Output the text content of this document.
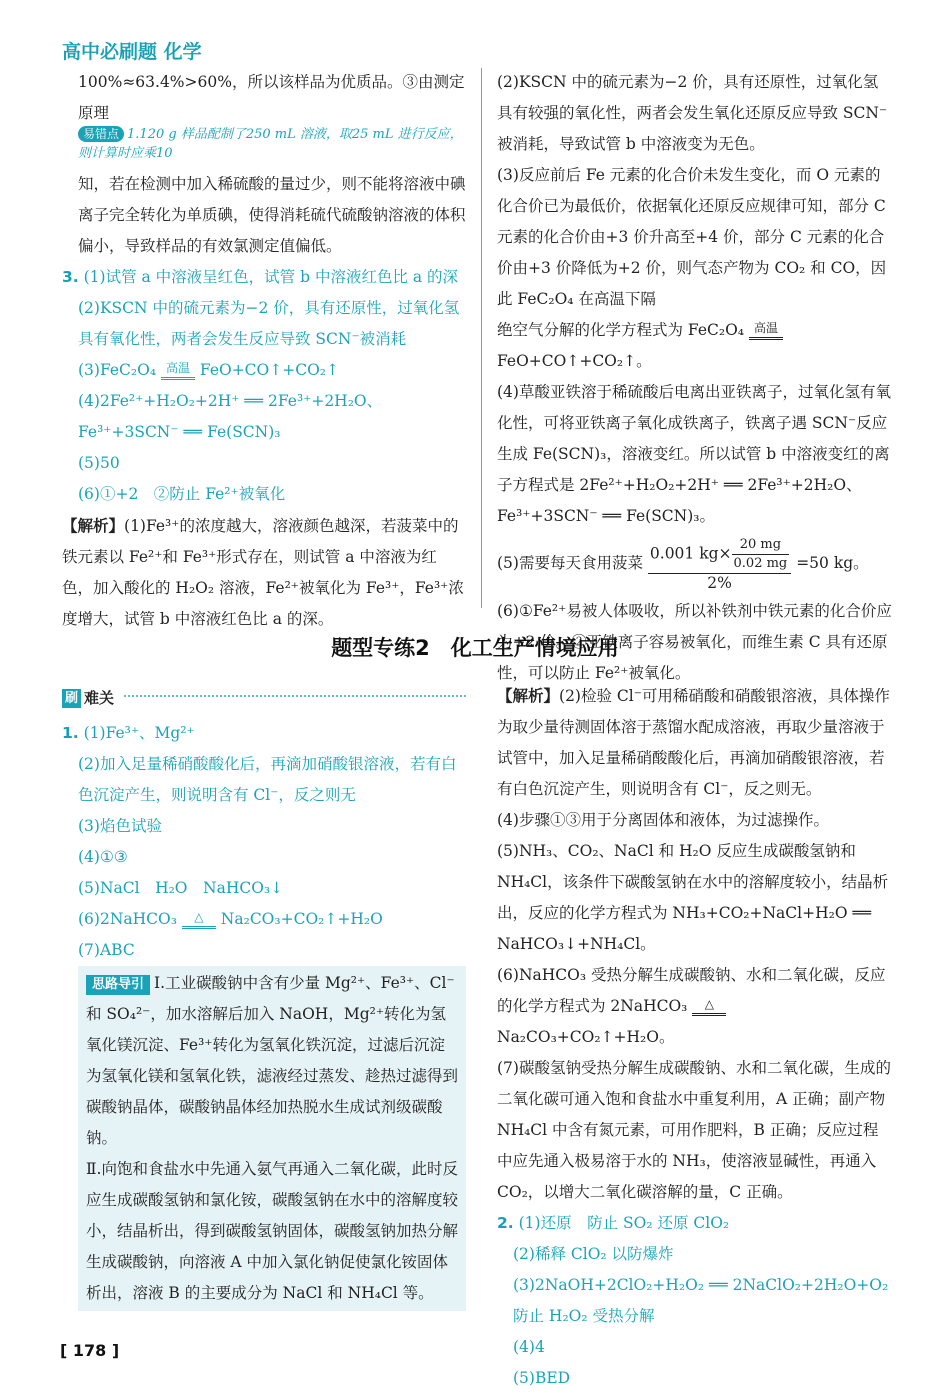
高中必刷题 化学

100%≈63.4%>60%，所以该样品为优质品。③由测定原理

易错点 1.120 g 样品配制了250 mL 溶液，取25 mL 进行反应，则计算时应乘10

知，若在检测中加入稀硫酸的量过少，则不能将溶液中碘离子完全转化为单质碘，使得消耗硫代硫酸钠溶液的体积偏小，导致样品的有效氯测定值偏低。

3. (1)试管 a 中溶液呈红色，试管 b 中溶液红色比 a 的深

(2)KSCN 中的硫元素为−2 价，具有还原性，过氧化氢具有氧化性，两者会发生反应导致 SCN⁻被消耗

(3)FeC₂O₄ 高温 FeO+CO↑+CO₂↑

(4)2Fe²⁺+H₂O₂+2H⁺ ══ 2Fe³⁺+2H₂O、Fe³⁺+3SCN⁻ ══ Fe(SCN)₃

(5)50

(6)①+2　②防止 Fe²⁺被氧化

【解析】(1)Fe³⁺的浓度越大，溶液颜色越深，若菠菜中的铁元素以 Fe²⁺和 Fe³⁺形式存在，则试管 a 中溶液为红色，加入酸化的 H₂O₂ 溶液，Fe²⁺被氧化为 Fe³⁺，Fe³⁺浓度增大，试管 b 中溶液红色比 a 的深。

(2)KSCN 中的硫元素为−2 价，具有还原性，过氧化氢具有较强的氧化性，两者会发生氧化还原反应导致 SCN⁻被消耗，导致试管 b 中溶液变为无色。

(3)反应前后 Fe 元素的化合价未发生变化，而 O 元素的化合价已为最低价，依据氧化还原反应规律可知，部分 C 元素的化合价由+3 价升高至+4 价，部分 C 元素的化合价由+3 价降低为+2 价，则气态产物为 CO₂ 和 CO，因此 FeC₂O₄ 在高温下隔

绝空气分解的化学方程式为 FeC₂O₄ 高温
FeO+CO↑+CO₂↑。

(4)草酸亚铁溶于稀硫酸后电离出亚铁离子，过氧化氢有氧化性，可将亚铁离子氧化成铁离子，铁离子遇 SCN⁻反应生成 Fe(SCN)₃，溶液变红。所以试管 b 中溶液变红的离子方程式是 2Fe²⁺+H₂O₂+2H⁺ ══ 2Fe³⁺+2H₂O、Fe³⁺+3SCN⁻ ══ Fe(SCN)₃。

(5)需要每天食用菠菜 $\frac{0.001 kg\times \frac{20 mg}{0.02 mg}}{2\%} =50$ kg。

(6)①Fe²⁺易被人体吸收，所以补铁剂中铁元素的化合价应为+2 价。②亚铁离子容易被氧化，而维生素 C 具有还原性，可以防止 Fe²⁺被氧化。

题型专练2　化工生产情境应用
刷 难关

1. (1)Fe³⁺、Mg²⁺

(2)加入足量稀硝酸酸化后，再滴加硝酸银溶液，若有白色沉淀产生，则说明含有 Cl⁻，反之则无

(3)焰色试验

(4)①③

(5)NaCl　H₂O　NaHCO₃↓

(6)2NaHCO₃	△	Na₂CO₃+CO₂↑+H₂O

(7)ABC

思路导引 Ⅰ.工业碳酸钠中含有少量 Mg²⁺、Fe³⁺、Cl⁻和 SO₄²⁻，加水溶解后加入 NaOH，Mg²⁺转化为氢氧化镁沉淀、Fe³⁺转化为氢氧化铁沉淀，过滤后沉淀为氢氧化镁和氢氧化铁，滤液经过蒸发、趁热过滤得到碳酸钠晶体，碳酸钠晶体经加热脱水生成试剂级碳酸钠。

Ⅱ.向饱和食盐水中先通入氨气再通入二氧化碳，此时反应生成碳酸氢钠和氯化铵，碳酸氢钠在水中的溶解度较小，结晶析出，得到碳酸氢钠固体，碳酸氢钠加热分解生成碳酸钠，向溶液 A 中加入氯化钠促使氯化铵固体析出，溶液 B 的主要成分为 NaCl 和 NH₄Cl 等。

【解析】(2)检验 Cl⁻可用稀硝酸和硝酸银溶液，具体操作为取少量待测固体溶于蒸馏水配成溶液，再取少量溶液于试管中，加入足量稀硝酸酸化后，再滴加硝酸银溶液，若有白色沉淀产生，则说明含有 Cl⁻，反之则无。

(4)步骤①③用于分离固体和液体，为过滤操作。

(5)NH₃、CO₂、NaCl 和 H₂O 反应生成碳酸氢钠和 NH₄Cl，该条件下碳酸氢钠在水中的溶解度较小，结晶析出，反应的化学方程式为 NH₃+CO₂+NaCl+H₂O ══ NaHCO₃↓+NH₄Cl。

(6)NaHCO₃ 受热分解生成碳酸钠、水和二氧化碳，反应的化学方程式为 2NaHCO₃	△
Na₂CO₃+CO₂↑+H₂O。

(7)碳酸氢钠受热分解生成碳酸钠、水和二氧化碳，生成的二氧化碳可通入饱和食盐水中重复利用，A 正确；副产物 NH₄Cl 中含有氮元素，可用作肥料，B 正确；反应过程中应先通入极易溶于水的 NH₃，使溶液显碱性，再通入 CO₂，以增大二氧化碳溶解的量，C 正确。

2. (1)还原　防止 SO₂ 还原 ClO₂

(2)稀释 ClO₂ 以防爆炸

(3)2NaOH+2ClO₂+H₂O₂ ══ 2NaClO₂+2H₂O+O₂

防止 H₂O₂ 受热分解

(4)4

(5)BED

[ 178 ]
